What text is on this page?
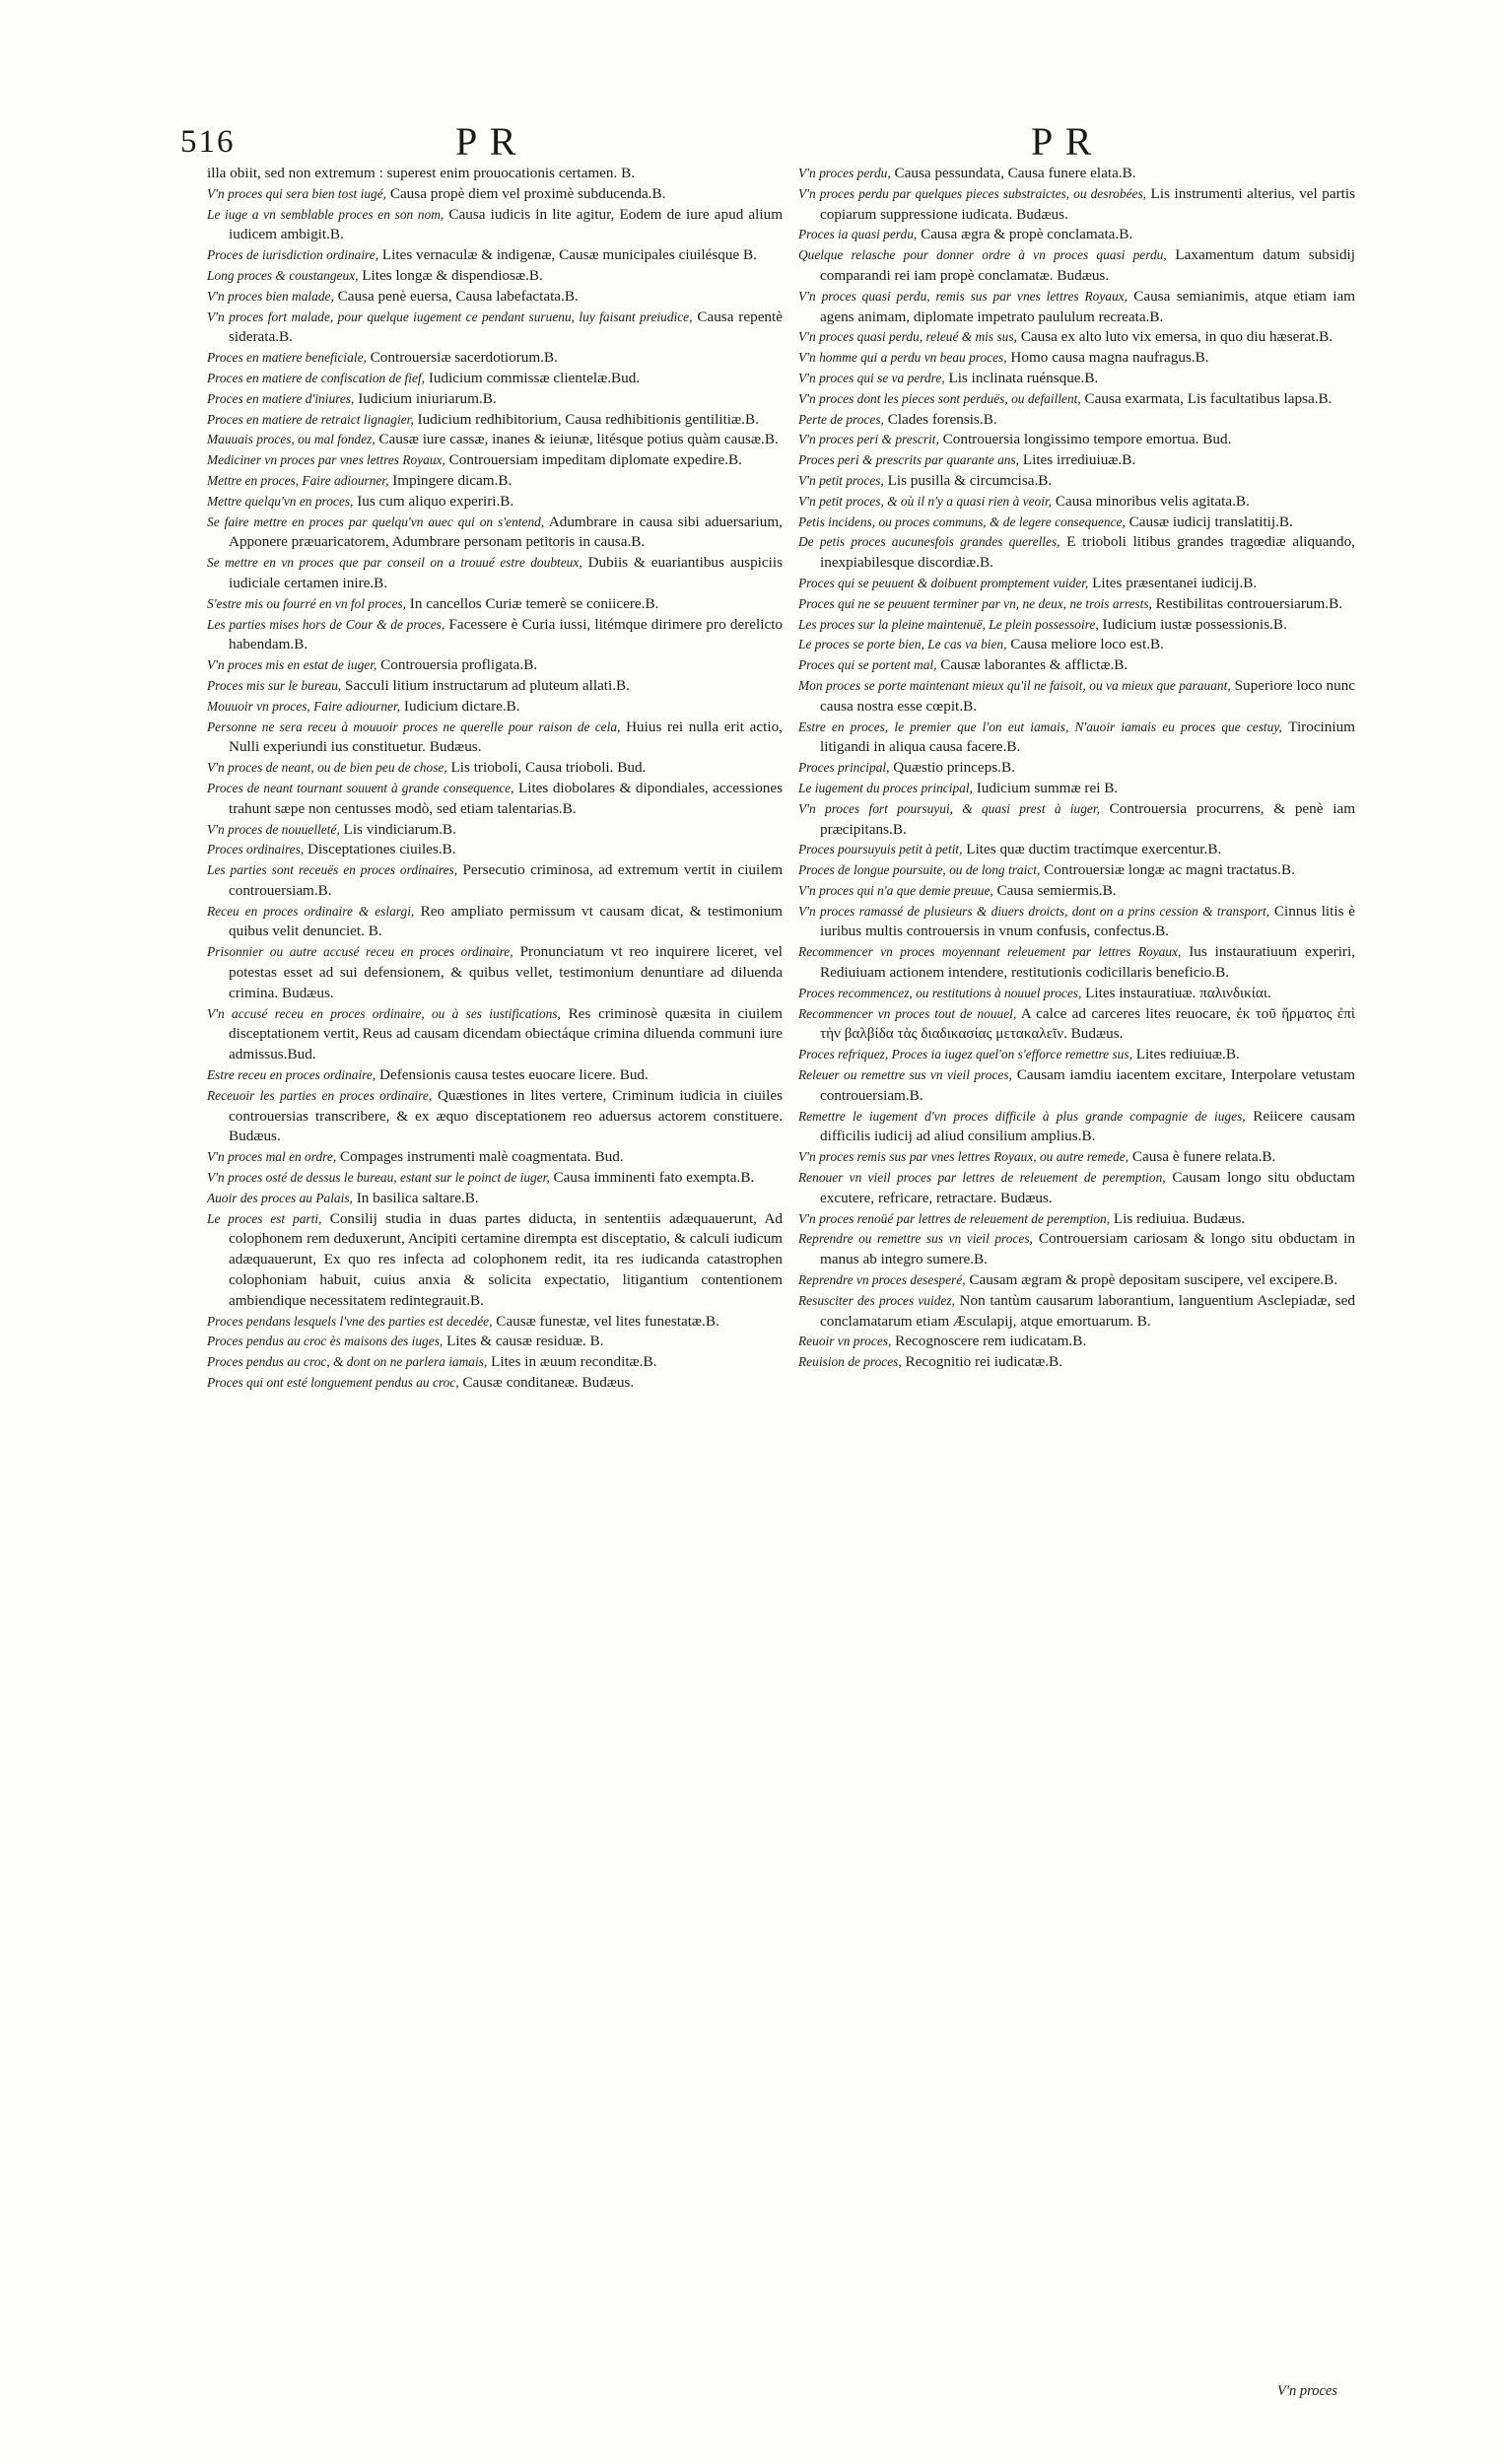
516	P R	P R

illa obiit, sed non extremum : superest enim prouocationis certamen. B.

V'n proces qui sera bien tost iugé, Causa propè diem vel proximè subducenda.B.

Le iuge a vn semblable proces en son nom, Causa iudicis in lite agitur, Eodem de iure apud alium iudicem ambigit.B.

Proces de iurisdiction ordinaire, Lites vernaculæ & indigenæ, Causæ municipales ciuilésque B.

Long proces & coustangeux, Lites longæ & dispendiosæ.B.

V'n proces bien malade, Causa penè euersa, Causa labefactata.B.

V'n proces fort malade, pour quelque iugement ce pendant suruenu, luy faisant preiudice, Causa repentè siderata.B.

Proces en matiere beneficiale, Controuersiæ sacerdotiorum.B.

Proces en matiere de confiscation de fief, Iudicium commissæ clientelæ.Bud.

Proces en matiere d'iniures, Iudicium iniuriarum.B.

Proces en matiere de retraict lignagier, Iudicium redhibitorium, Causa redhibitionis gentilitiæ.B.

Mauuais proces, ou mal fondez, Causæ iure cassæ, inanes & ieiunæ, litésque potius quàm causæ.B.

Mediciner vn proces par vnes lettres Royaux, Controuersiam impeditam diplomate expedire.B.

Mettre en proces, Faire adiourner, Impingere dicam.B.

Mettre quelqu'vn en proces, Ius cum aliquo experiri.B.

Se faire mettre en proces par quelqu'vn auec qui on s'entend, Adumbrare in causa sibi aduersarium, Apponere præuaricatorem, Adumbrare personam petitoris in causa.B.

Se mettre en vn proces que par conseil on a trouué estre doubteux, Dubiis & euariantibus auspiciis iudiciale certamen inire.B.

S'estre mis ou fourré en vn fol proces, In cancellos Curiæ temerè se coniicere.B.

Les parties mises hors de Cour & de proces, Facessere è Curia iussi, litémque dirimere pro derelicto habendam.B.

V'n proces mis en estat de iuger, Controuersia profligata.B.

Proces mis sur le bureau, Sacculi litium instructarum ad pluteum allati.B.

Mouuoir vn proces, Faire adiourner, Iudicium dictare.B.

Personne ne sera receu à mouuoir proces ne querelle pour raison de cela, Huius rei nulla erit actio, Nulli experiundi ius constituetur. Budæus.

V'n proces de neant, ou de bien peu de chose, Lis trioboli, Causa trioboli. Bud.

Proces de neant tournant souuent à grande consequence, Lites diobolares & dipondiales, accessiones trahunt sæpe non centusses modò, sed etiam talentarias.B.

V'n proces de nouuelleté, Lis vindiciarum.B.

Proces ordinaires, Disceptationes ciuiles.B.

Les parties sont receuës en proces ordinaires, Persecutio criminosa, ad extremum vertit in ciuilem controuersiam.B.

Receu en proces ordinaire & eslargi, Reo ampliato permissum vt causam dicat, & testimonium quibus velit denunciet. B.

Prisonnier ou autre accusé receu en proces ordinaire, Pronunciatum vt reo inquirere liceret, vel potestas esset ad sui defensionem, & quibus vellet, testimonium denuntiare ad diluenda crimina. Budæus.

V'n accusé receu en proces ordinaire, ou à ses iustifications, Res criminosè quæsita in ciuilem disceptationem vertit, Reus ad causam dicendam obiectáque crimina diluenda communi iure admissus.Bud.

Estre receu en proces ordinaire, Defensionis causa testes euocare licere. Bud.

Receuoir les parties en proces ordinaire, Quæstiones in lites vertere, Criminum iudicia in ciuiles controuersias transcribere, & ex æquo disceptationem reo aduersus actorem constituere. Budæus.

V'n proces mal en ordre, Compages instrumenti malè coagmentata. Bud.

V'n proces osté de dessus le bureau, estant sur le poinct de iuger, Causa imminenti fato exempta.B.

Auoir des proces au Palais, In basilica saltare.B.

Le proces est parti, Consilij studia in duas partes diducta, in sententiis adæquauerunt, Ad colophonem rem deduxerunt, Ancipiti certamine dirempta est disceptatio, & calculi iudicum adæquauerunt, Ex quo res infecta ad colophonem redit, ita res iudicanda catastrophen colophoniam habuit, cuius anxia & solicita expectatio, litigantium contentionem ambiendique necessitatem redintegrauit.B.

Proces pendans lesquels l'vne des parties est decedée, Causæ funestæ, vel lites funestatæ.B.

Proces pendus au croc ès maisons des iuges, Lites & causæ residuæ. B.

Proces pendus au croc, & dont on ne parlera iamais, Lites in æuum reconditæ.B.

Proces qui ont esté longuement pendus au croc, Causæ conditaneæ. Budæus.

V'n proces perdu, Causa pessundata, Causa funere elata.B.

V'n proces perdu par quelques pieces substraictes, ou desrobées, Lis instrumenti alterius, vel partis copiarum suppressione iudicata. Budæus.

Proces ia quasi perdu, Causa ægra & propè conclamata.B.

Quelque relasche pour donner ordre à vn proces quasi perdu, Laxamentum datum subsidij comparandi rei iam propè conclamatæ. Budæus.

V'n proces quasi perdu, remis sus par vnes lettres Royaux, Causa semianimis, atque etiam iam agens animam, diplomate impetrato paululum recreata.B.

V'n proces quasi perdu, releué & mis sus, Causa ex alto luto vix emersa, in quo diu hæserat.B.

V'n homme qui a perdu vn beau proces, Homo causa magna naufragus.B.

V'n proces qui se va perdre, Lis inclinata ruénsque.B.

V'n proces dont les pieces sont perduës, ou defaillent, Causa exarmata, Lis facultatibus lapsa.B.

Perte de proces, Clades forensis.B.

V'n proces peri & prescrit, Controuersia longissimo tempore emortua. Bud.

Proces peri & prescrits par quarante ans, Lites irrediuiuæ.B.

V'n petit proces, Lis pusilla & circumcisa.B.

V'n petit proces, & où il n'y a quasi rien à veoir, Causa minoribus velis agitata.B.

Petis incidens, ou proces communs, & de legere consequence, Causæ iudicij translatitij.B.

De petis proces aucunesfois grandes querelles, E trioboli litibus grandes tragœdiæ aliquando, inexpiabilesque discordiæ.B.

Proces qui se peuuent & doibuent promptement vuider, Lites præsentanei iudicij.B.

Proces qui ne se peuuent terminer par vn, ne deux, ne trois arrests, Restibilitas controuersiarum.B.

Les proces sur la pleine maintenuë, Le plein possessoire, Iudicium iustæ possessionis.B.

Le proces se porte bien, Le cas va bien, Causa meliore loco est.B.

Proces qui se portent mal, Causæ laborantes & afflictæ.B.

Mon proces se porte maintenant mieux qu'il ne faisoit, ou va mieux que parauant, Superiore loco nunc causa nostra esse cœpit.B.

Estre en proces, le premier que l'on eut iamais, N'auoir iamais eu proces que cestuy, Tirocinium litigandi in aliqua causa facere.B.

Proces principal, Quæstio princeps.B.

Le iugement du proces principal, Iudicium summæ rei B.

V'n proces fort poursuyui, & quasi prest à iuger, Controuersia procurrens, & penè iam præcipitans.B.

Proces poursuyuis petit à petit, Lites quæ ductim tractímque exercentur.B.

Proces de longue poursuite, ou de long traict, Controuersiæ longæ ac magni tractatus.B.

V'n proces qui n'a que demie preuue, Causa semiermis.B.

V'n proces ramassé de plusieurs & diuers droicts, dont on a prins cession & transport, Cinnus litis è iuribus multis controuersis in vnum confusis, confectus.B.

Recommencer vn proces moyennant releuement par lettres Royaux, Ius instauratiuum experiri, Rediuiuam actionem intendere, restitutionis codicillaris beneficio.B.

Proces recommencez, ou restitutions à nouuel proces, Lites instauratiuæ. παλινδικίαι.

Recommencer vn proces tout de nouuel, A calce ad carceres lites reuocare, ἐκ τοῦ ἥρματος ἐπὶ τὴν βαλβίδα τὰς διαδικασίας μετακαλεῖν. Budæus.

Proces refriquez, Proces ia iugez quel'on s'efforce remettre sus, Lites rediuiuæ.B.

Releuer ou remettre sus vn vieil proces, Causam iamdiu iacentem excitare, Interpolare vetustam controuersiam.B.

Remettre le iugement d'vn proces difficile à plus grande compagnie de iuges, Reiicere causam difficilis iudicij ad aliud consilium amplius.B.

V'n proces remis sus par vnes lettres Royaux, ou autre remede, Causa è funere relata.B.

Renouer vn vieil proces par lettres de releuement de peremption, Causam longo situ obductam excutere, refricare, retractare. Budæus.

V'n proces renoüé par lettres de releuement de peremption, Lis rediuiua. Budæus.

Reprendre ou remettre sus vn vieil proces, Controuersiam cariosam & longo situ obductam in manus ab integro sumere.B.

Reprendre vn proces desesperé, Causam ægram & propè depositam suscipere, vel excipere.B.

Resusciter des proces vuidez, Non tantùm causarum laborantium, languentium Asclepiadæ, sed conclamatarum etiam Æsculapij, atque emortuarum. B.

Reuoir vn proces, Recognoscere rem iudicatam.B.

Reuision de proces, Recognitio rei iudicatæ.B.

V'n proces
